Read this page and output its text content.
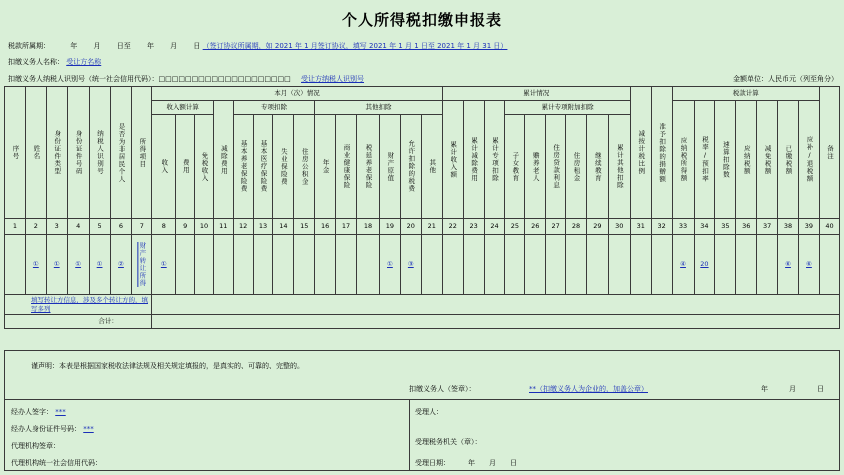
个人所得税扣缴申报表
税款所属期：	年 月 日至 年 月 日 （签订协议所属期，如 2021 年 1 月签订协议，填写 2021 年 1 月 1 日至 2021 年 1 月 31 日）
扣缴义务人名称： 受让方名称
扣缴义务人纳税人识别号（统一社会信用代码）：□□□□□□□□□□□□□□□□□□□□ 受让方纳税人识别号	金额单位：人民币元（列至角分）
序号	姓名	身份证件类型	身份证件号码	纳税人识别号	是否为非居民个人	所得项目	本月（次）情况														累计情况									减按计税比例	准予扣除的捐赠额	税款计算							备注

							收入额计算			减除费用	专项扣除				其他扣除						累计收入额	累计减除费用	累计专项扣除	累计专项附加扣除								应纳税所得额	税率/预扣率	速算扣除数	应纳税额	减免税额	已缴税额	应补/退税额	

							收入	费用	免税收入		基本养老保险费	基本医疗保险费	失业保险费	住房公积金	年金	商业健康保险	税延养老保险	财产原值	允许扣除的税费	其他				子女教育	赡养老人	住房贷款利息	住房租金	继续教育	累计其他扣除										

1	2	3	4	5	6	7	8	9	10	11	12	13	14	15	16	17	18	19	20	21	22	23	24	25	26	27	28	29	30	31	32	33	34	35	36	37	38	39	40
	①	①	①	①	②	财产转让所得	①											①	③													④	20				⑥	⑥	
填写转让方信息，涉及多个转让方的，填写多列																																							
合计：																																							
谨声明：本表是根据国家税收法律法规及相关规定填报的，是真实的、可靠的、完整的。
扣缴义务人（签章）：	**（扣缴义务人为企业的，加盖公章）	年	月	日
经办人签字： ***
经办人身份证件号码： ***
代理机构签章：
代理机构统一社会信用代码：
受理人：
受理税务机关（章）：
受理日期：	年 月 日
